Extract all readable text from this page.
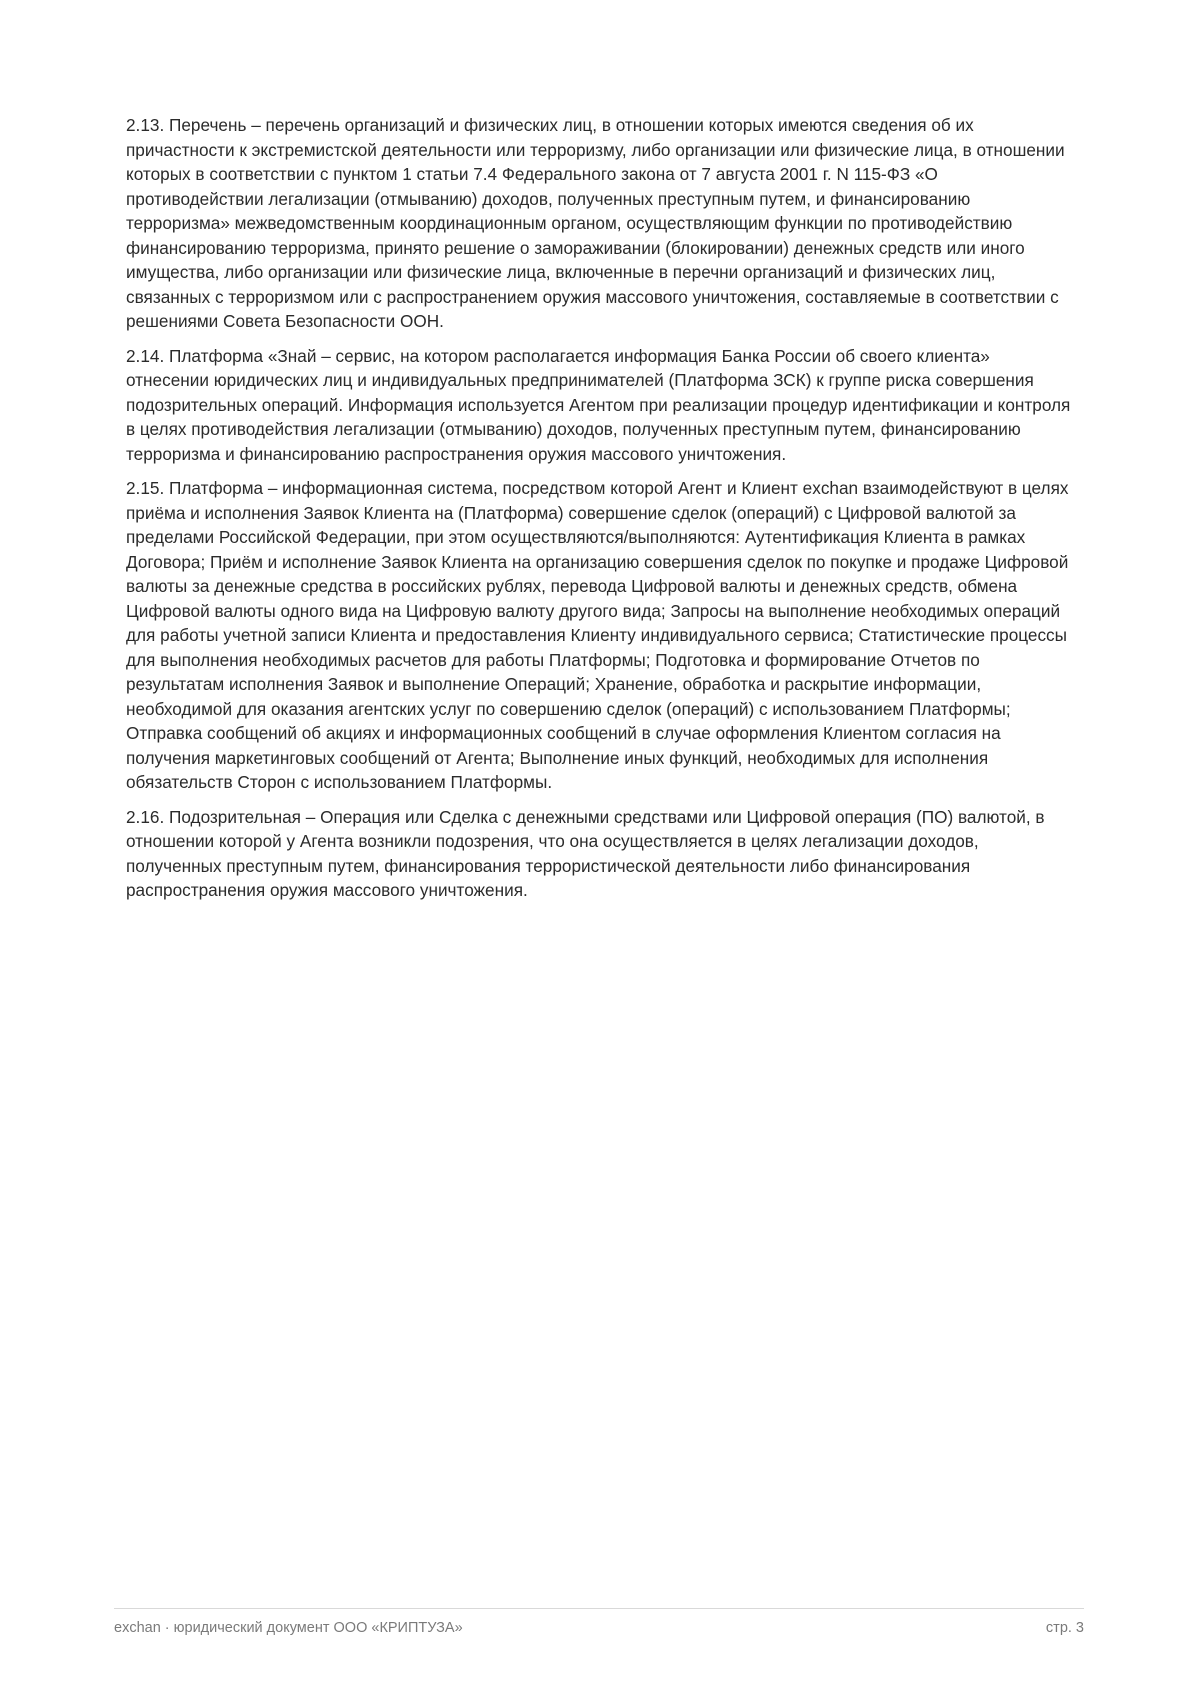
2.13. Перечень – перечень организаций и физических лиц, в отношении которых имеются сведения об их причастности к экстремистской деятельности или терроризму, либо организации или физические лица, в отношении которых в соответствии с пунктом 1 статьи 7.4 Федерального закона от 7 августа 2001 г. N 115-ФЗ «О противодействии легализации (отмыванию) доходов, полученных преступным путем, и финансированию терроризма» межведомственным координационным органом, осуществляющим функции по противодействию финансированию терроризма, принято решение о замораживании (блокировании) денежных средств или иного имущества, либо организации или физические лица, включенные в перечни организаций и физических лиц, связанных с терроризмом или с распространением оружия массового уничтожения, составляемые в соответствии с решениями Совета Безопасности ООН.

2.14. Платформа «Знай – сервис, на котором располагается информация Банка России об своего клиента» отнесении юридических лиц и индивидуальных предпринимателей (Платформа ЗСК) к группе риска совершения подозрительных операций. Информация используется Агентом при реализации процедур идентификации и контроля в целях противодействия легализации (отмыванию) доходов, полученных преступным путем, финансированию терроризма и финансированию распространения оружия массового уничтожения.

2.15. Платформа – информационная система, посредством которой Агент и Клиент exchan взаимодействуют в целях приёма и исполнения Заявок Клиента на (Платформа) совершение сделок (операций) с Цифровой валютой за пределами Российской Федерации, при этом осуществляются/выполняются: Аутентификация Клиента в рамках Договора; Приём и исполнение Заявок Клиента на организацию совершения сделок по покупке и продаже Цифровой валюты за денежные средства в российских рублях, перевода Цифровой валюты и денежных средств, обмена Цифровой валюты одного вида на Цифровую валюту другого вида; Запросы на выполнение необходимых операций для работы учетной записи Клиента и предоставления Клиенту индивидуального сервиса; Статистические процессы для выполнения необходимых расчетов для работы Платформы; Подготовка и формирование Отчетов по результатам исполнения Заявок и выполнение Операций; Хранение, обработка и раскрытие информации, необходимой для оказания агентских услуг по совершению сделок (операций) с использованием Платформы; Отправка сообщений об акциях и информационных сообщений в случае оформления Клиентом согласия на получения маркетинговых сообщений от Агента; Выполнение иных функций, необходимых для исполнения обязательств Сторон с использованием Платформы.

2.16. Подозрительная – Операция или Сделка с денежными средствами или Цифровой операция (ПО) валютой, в отношении которой у Агента возникли подозрения, что она осуществляется в целях легализации доходов, полученных преступным путем, финансирования террористической деятельности либо финансирования распространения оружия массового уничтожения.

exchan · юридический документ ООО «КРИПТУЗА»	стр. 3
